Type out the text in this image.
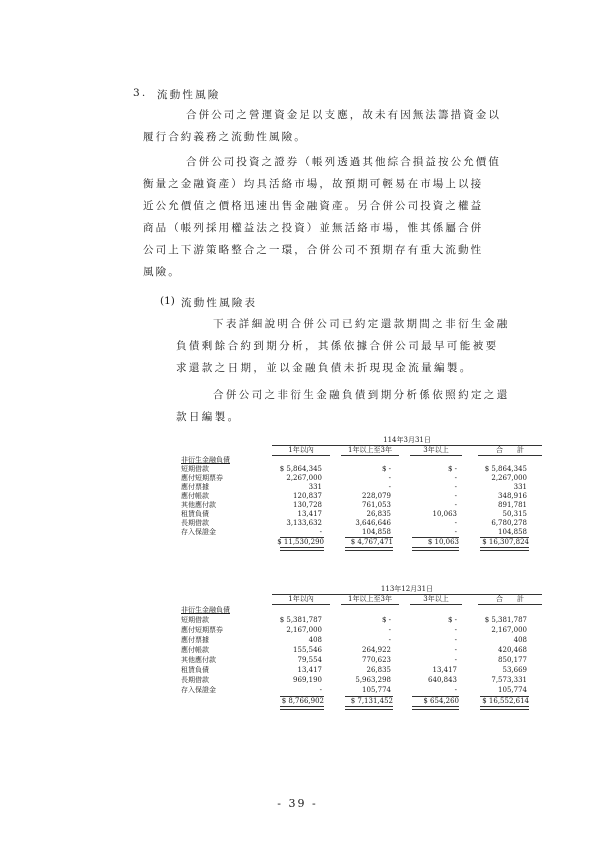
3. 流動性風險
合併公司之營運資金足以支應，故未有因無法籌措資金以
履行合約義務之流動性風險。
合併公司投資之證券（帳列透過其他綜合損益按公允價值
衡量之金融資產）均具活絡市場，故預期可輕易在市場上以接
近公允價值之價格迅速出售金融資產。另合併公司投資之權益
商品（帳列採用權益法之投資）並無活絡市場，惟其係屬合併
公司上下游策略整合之一環，合併公司不預期存有重大流動性
風險。
(1) 流動性風險表
下表詳細說明合併公司已約定還款期間之非衍生金融
負債剩餘合約到期分析，其係依據合併公司最早可能被要
求還款之日期，並以金融負債未折現現金流量編製。
合併公司之非衍生金融負債到期分析係依照約定之還
款日編製。
114年3月31日
1年以內	1年以上至3年	3年以上	合　　計
非衍生金融負債
短期借款	$ 5,864,345	$ -	$ -	$ 5,864,345
應付短期票券	2,267,000	-	-	2,267,000
應付票據	331	-	-	331
應付帳款	120,837	228,079	-	348,916
其他應付款	130,728	761,053	-	891,781
租賃負債	13,417	26,835	10,063	50,315
長期借款	3,133,632	3,646,646	-	6,780,278
存入保證金	-	104,858	-	104,858
$ 11,530,290	$ 4,767,471	$ 10,063	$ 16,307,824
113年12月31日
1年以內	1年以上至3年	3年以上	合　　計
非衍生金融負債
短期借款	$ 5,381,787	$ -	$ -	$ 5,381,787
應付短期票券	2,167,000	-	-	2,167,000
應付票據	408	-	-	408
應付帳款	155,546	264,922	-	420,468
其他應付款	79,554	770,623	-	850,177
租賃負債	13,417	26,835	13,417	53,669
長期借款	969,190	5,963,298	640,843	7,573,331
存入保證金	-	105,774	-	105,774
$ 8,766,902	$ 7,131,452	$ 654,260	$ 16,552,614
- 39 -
